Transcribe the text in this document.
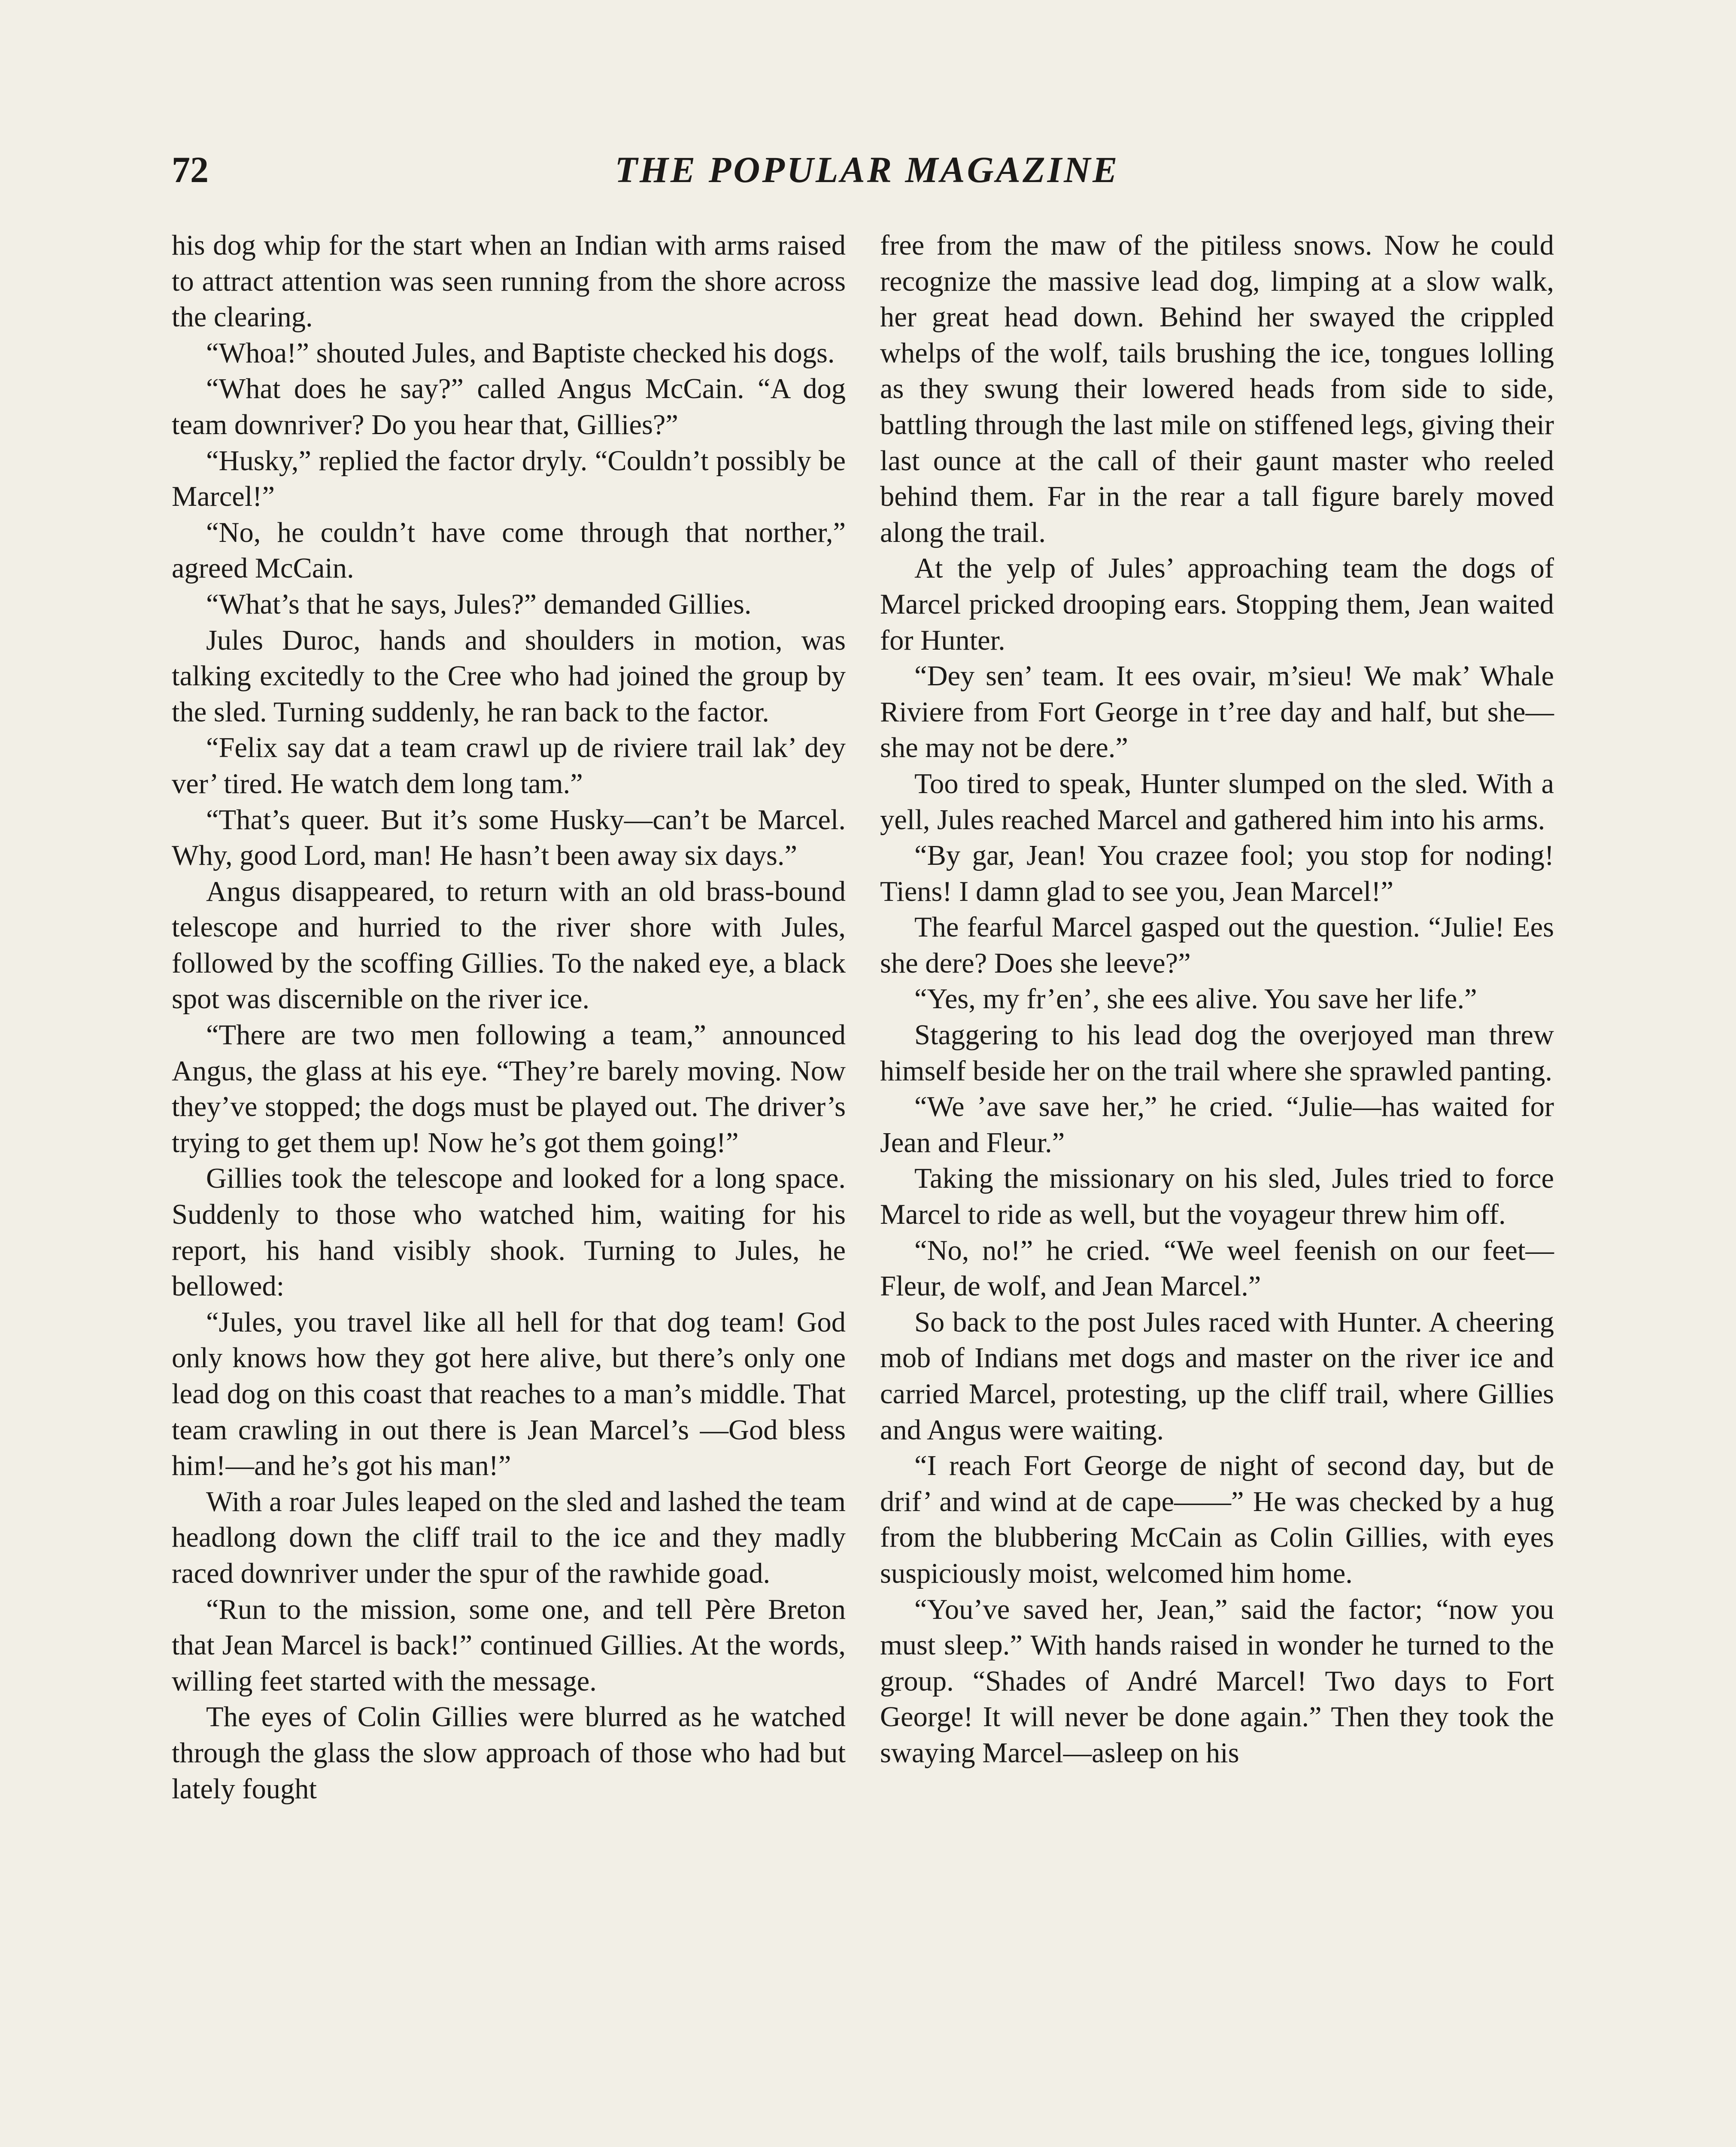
72	THE POPULAR MAGAZINE

his dog whip for the start when an Indian with arms raised to attract attention was seen running from the shore across the clearing.

“Whoa!” shouted Jules, and Baptiste checked his dogs.

“What does he say?” called Angus McCain. “A dog team downriver? Do you hear that, Gillies?”

“Husky,” replied the factor dryly. “Couldn’t possibly be Marcel!”

“No, he couldn’t have come through that norther,” agreed McCain.

“What’s that he says, Jules?” demanded Gillies.

Jules Duroc, hands and shoulders in motion, was talking excitedly to the Cree who had joined the group by the sled. Turning suddenly, he ran back to the factor.

“Felix say dat a team crawl up de riviere trail lak’ dey ver’ tired. He watch dem long tam.”

“That’s queer. But it’s some Husky—can’t be Marcel. Why, good Lord, man! He hasn’t been away six days.”

Angus disappeared, to return with an old brass-bound telescope and hurried to the river shore with Jules, followed by the scoffing Gillies. To the naked eye, a black spot was discernible on the river ice.

“There are two men following a team,” announced Angus, the glass at his eye. “They’re barely moving. Now they’ve stopped; the dogs must be played out. The driver’s trying to get them up! Now he’s got them going!”

Gillies took the telescope and looked for a long space. Suddenly to those who watched him, waiting for his report, his hand visibly shook. Turning to Jules, he bellowed:

“Jules, you travel like all hell for that dog team! God only knows how they got here alive, but there’s only one lead dog on this coast that reaches to a man’s middle. That team crawling in out there is Jean Marcel’s —God bless him!—and he’s got his man!”

With a roar Jules leaped on the sled and lashed the team headlong down the cliff trail to the ice and they madly raced downriver under the spur of the rawhide goad.

“Run to the mission, some one, and tell Père Breton that Jean Marcel is back!” continued Gillies. At the words, willing feet started with the message.

The eyes of Colin Gillies were blurred as he watched through the glass the slow approach of those who had but lately fought

free from the maw of the pitiless snows. Now he could recognize the massive lead dog, limping at a slow walk, her great head down. Behind her swayed the crippled whelps of the wolf, tails brushing the ice, tongues lolling as they swung their lowered heads from side to side, battling through the last mile on stiffened legs, giving their last ounce at the call of their gaunt master who reeled behind them. Far in the rear a tall figure barely moved along the trail.

At the yelp of Jules’ approaching team the dogs of Marcel pricked drooping ears. Stopping them, Jean waited for Hunter.

“Dey sen’ team. It ees ovair, m’sieu! We mak’ Whale Riviere from Fort George in t’ree day and half, but she—she may not be dere.”

Too tired to speak, Hunter slumped on the sled. With a yell, Jules reached Marcel and gathered him into his arms.

“By gar, Jean! You crazee fool; you stop for noding! Tiens! I damn glad to see you, Jean Marcel!”

The fearful Marcel gasped out the question. “Julie! Ees she dere? Does she leeve?”

“Yes, my fr’en’, she ees alive. You save her life.”

Staggering to his lead dog the overjoyed man threw himself beside her on the trail where she sprawled panting.

“We ’ave save her,” he cried. “Julie—has waited for Jean and Fleur.”

Taking the missionary on his sled, Jules tried to force Marcel to ride as well, but the voyageur threw him off.

“No, no!” he cried. “We weel feenish on our feet—Fleur, de wolf, and Jean Marcel.”

So back to the post Jules raced with Hunter. A cheering mob of Indians met dogs and master on the river ice and carried Marcel, protesting, up the cliff trail, where Gillies and Angus were waiting.

“I reach Fort George de night of second day, but de drif’ and wind at de cape——” He was checked by a hug from the blubbering McCain as Colin Gillies, with eyes suspiciously moist, welcomed him home.

“You’ve saved her, Jean,” said the factor; “now you must sleep.” With hands raised in wonder he turned to the group. “Shades of André Marcel! Two days to Fort George! It will never be done again.” Then they took the swaying Marcel—asleep on his
